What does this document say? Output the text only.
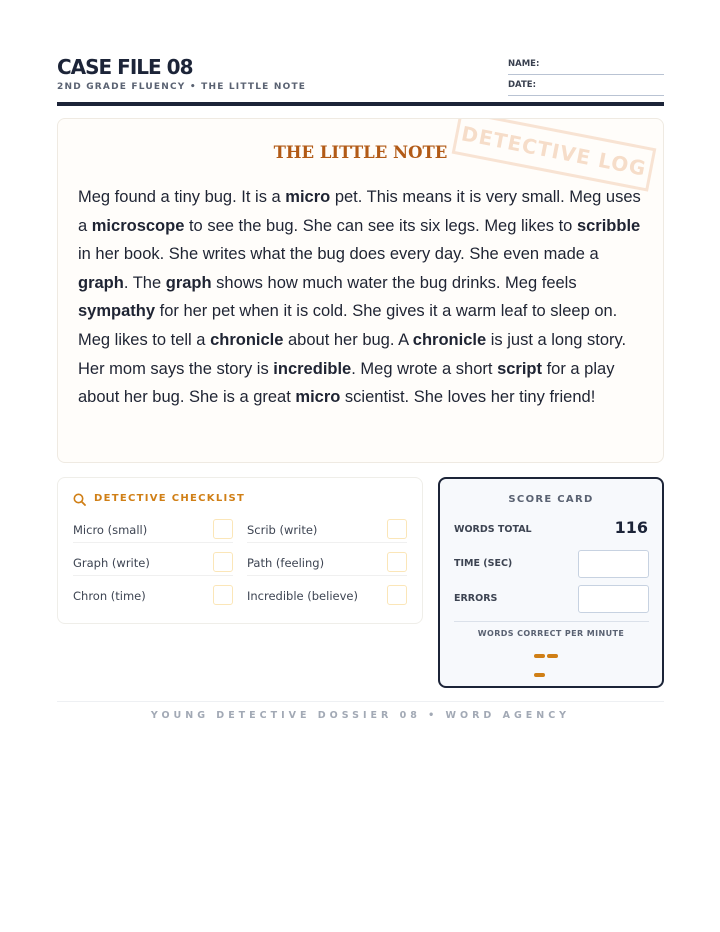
CASE FILE 08
2ND GRADE FLUENCY • THE LITTLE NOTE
NAME:
DATE:
DETECTIVE LOG
THE LITTLE NOTE
Meg found a tiny bug. It is a micro pet. This means it is very small. Meg uses a microscope to see the bug. She can see its six legs. Meg likes to scribble in her book. She writes what the bug does every day. She even made a graph. The graph shows how much water the bug drinks. Meg feels sympathy for her pet when it is cold. She gives it a warm leaf to sleep on. Meg likes to tell a chronicle about her bug. A chronicle is just a long story. Her mom says the story is incredible. Meg wrote a short script for a play about her bug. She is a great micro scientist. She loves her tiny friend!
DETECTIVE CHECKLIST
Micro (small)	Scrib (write)
Graph (write)	Path (feeling)
Chron (time)	Incredible (believe)
SCORE CARD
WORDS TOTAL	116
TIME (SEC)
ERRORS
WORDS CORRECT PER MINUTE
YOUNG DETECTIVE DOSSIER 08 • WORD AGENCY
